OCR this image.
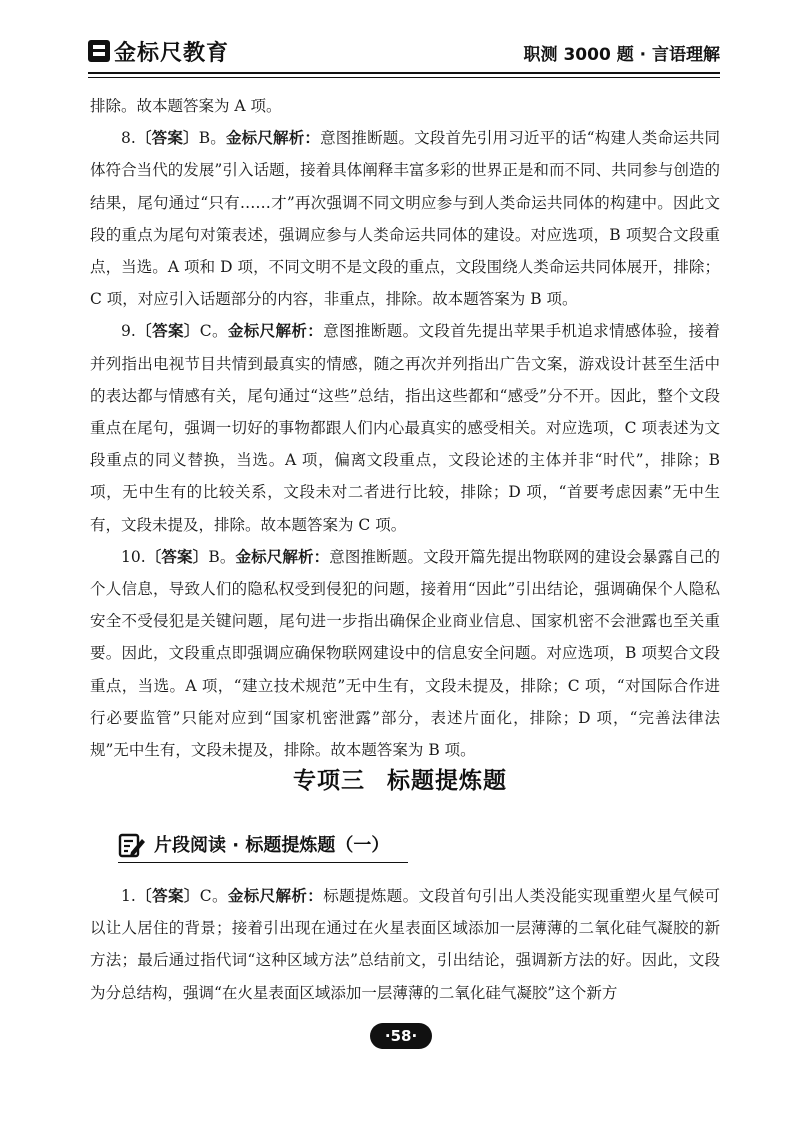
金标尺教育	职测 3000 题 · 言语理解

排除。故本题答案为 A 项。

8.〔答案〕B。金标尺解析：意图推断题。文段首先引用习近平的话“构建人类命运共同体符合当代的发展”引入话题，接着具体阐释丰富多彩的世界正是和而不同、共同参与创造的结果，尾句通过“只有……才”再次强调不同文明应参与到人类命运共同体的构建中。因此文段的重点为尾句对策表述，强调应参与人类命运共同体的建设。对应选项，B 项契合文段重点，当选。A 项和 D 项，不同文明不是文段的重点，文段围绕人类命运共同体展开，排除；C 项，对应引入话题部分的内容，非重点，排除。故本题答案为 B 项。

9.〔答案〕C。金标尺解析：意图推断题。文段首先提出苹果手机追求情感体验，接着并列指出电视节目共情到最真实的情感，随之再次并列指出广告文案，游戏设计甚至生活中的表达都与情感有关，尾句通过“这些”总结，指出这些都和“感受”分不开。因此，整个文段重点在尾句，强调一切好的事物都跟人们内心最真实的感受相关。对应选项，C 项表述为文段重点的同义替换，当选。A 项，偏离文段重点，文段论述的主体并非“时代”，排除；B 项，无中生有的比较关系，文段未对二者进行比较，排除；D 项，“首要考虑因素”无中生有，文段未提及，排除。故本题答案为 C 项。

10.〔答案〕B。金标尺解析：意图推断题。文段开篇先提出物联网的建设会暴露自己的个人信息，导致人们的隐私权受到侵犯的问题，接着用“因此”引出结论，强调确保个人隐私安全不受侵犯是关键问题，尾句进一步指出确保企业商业信息、国家机密不会泄露也至关重要。因此，文段重点即强调应确保物联网建设中的信息安全问题。对应选项，B 项契合文段重点，当选。A 项，“建立技术规范”无中生有，文段未提及，排除；C 项，“对国际合作进行必要监管”只能对应到“国家机密泄露”部分，表述片面化，排除；D 项，“完善法律法规”无中生有，文段未提及，排除。故本题答案为 B 项。

专项三 标题提炼题
片段阅读 · 标题提炼题（一）

1.〔答案〕C。金标尺解析：标题提炼题。文段首句引出人类没能实现重塑火星气候可以让人居住的背景；接着引出现在通过在火星表面区域添加一层薄薄的二氧化硅气凝胶的新方法；最后通过指代词“这种区域方法”总结前文，引出结论，强调新方法的好。因此，文段为分总结构，强调“在火星表面区域添加一层薄薄的二氧化硅气凝胶”这个新方

· 58 ·
